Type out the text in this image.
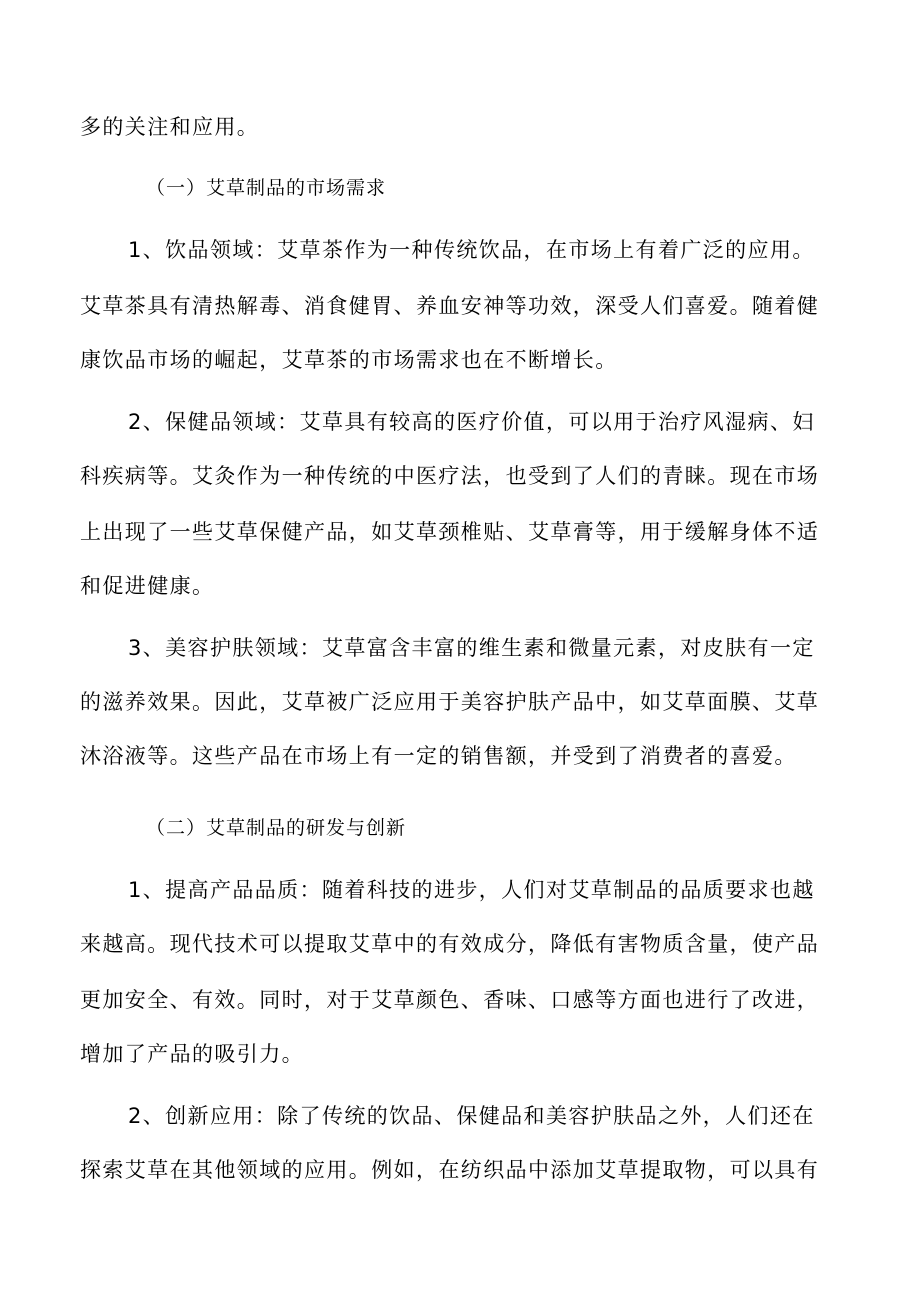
多的关注和应用。

（一）艾草制品的市场需求

1、饮品领域：艾草茶作为一种传统饮品，在市场上有着广泛的应用。

艾草茶具有清热解毒、消食健胃、养血安神等功效，深受人们喜爱。随着健

康饮品市场的崛起，艾草茶的市场需求也在不断增长。

2、保健品领域：艾草具有较高的医疗价值，可以用于治疗风湿病、妇

科疾病等。艾灸作为一种传统的中医疗法，也受到了人们的青睐。现在市场

上出现了一些艾草保健产品，如艾草颈椎贴、艾草膏等，用于缓解身体不适

和促进健康。

3、美容护肤领域：艾草富含丰富的维生素和微量元素，对皮肤有一定

的滋养效果。因此，艾草被广泛应用于美容护肤产品中，如艾草面膜、艾草

沐浴液等。这些产品在市场上有一定的销售额，并受到了消费者的喜爱。

（二）艾草制品的研发与创新

1、提高产品品质：随着科技的进步，人们对艾草制品的品质要求也越

来越高。现代技术可以提取艾草中的有效成分，降低有害物质含量，使产品

更加安全、有效。同时，对于艾草颜色、香味、口感等方面也进行了改进，

增加了产品的吸引力。

2、创新应用：除了传统的饮品、保健品和美容护肤品之外，人们还在

探索艾草在其他领域的应用。例如，在纺织品中添加艾草提取物，可以具有
